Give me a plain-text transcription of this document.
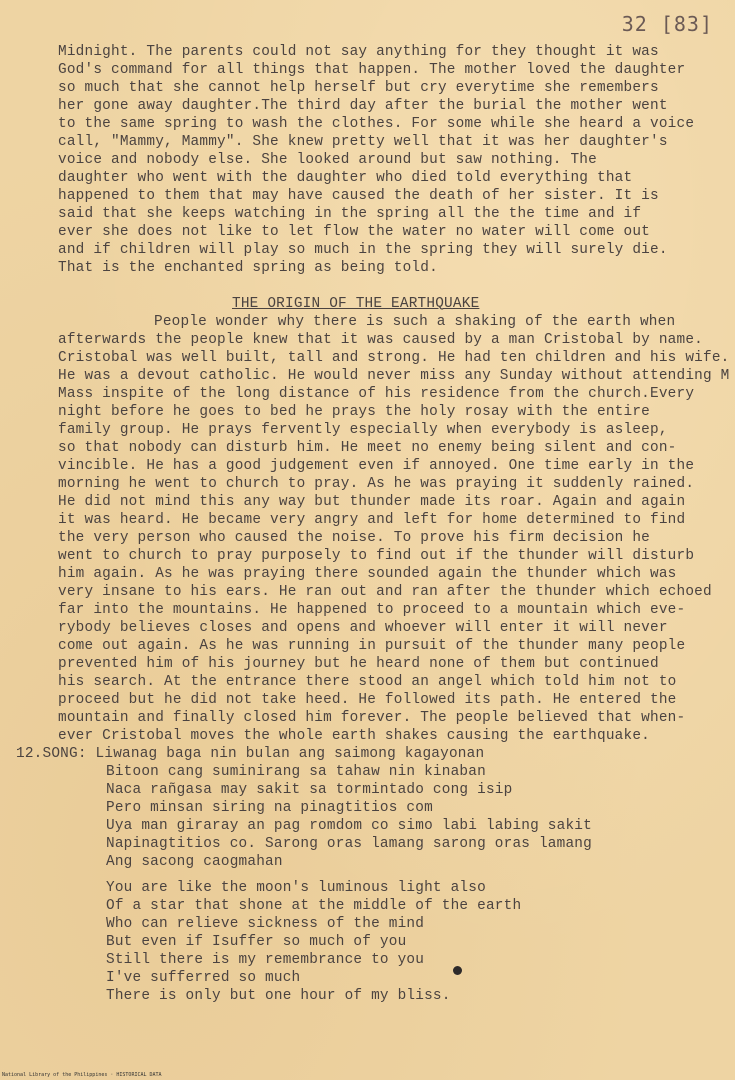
32 [83]
Midnight. The parents could not say anything for they thought it was
God's command for all things that happen. The mother loved the daughter
so much that she cannot help herself but cry everytime she remembers
her gone away daughter.The third day after the burial the mother went
to the same spring to wash the clothes. For some while she heard a voice
call, "Mammy, Mammy". She knew pretty well that it was her daughter's
voice and nobody else. She looked around but saw nothing. The
daughter who went with the daughter who died told everything that
happened to them that may have caused the death of her sister. It is
said that she keeps watching in the spring all the the time and if
ever she does not like to let flow the water no water will come out
and if children will play so much in the spring they will surely die.
That is the enchanted spring as being told.
THE ORIGIN OF THE EARTHQUAKE
People wonder why there is such a shaking of the earth when
afterwards the people knew that it was caused by a man Cristobal by name.
Cristobal was well built, tall and strong. He had ten children and his wife.
He was a devout catholic. He would never miss any Sunday without attending M
Mass inspite of the long distance of his residence from the church.Every
night before he goes to bed he prays the holy rosay with the entire
family group. He prays fervently especially when everybody is asleep,
so that nobody can disturb him. He meet no enemy being silent and con-
vincible. He has a good judgement even if annoyed. One time early in the
morning he went to church to pray. As he was praying it suddenly rained.
He did not mind this any way but thunder made its roar. Again and again
it was heard. He became very angry and left for home determined to find
the very person who caused the noise. To prove his firm decision he
went to church to pray purposely to find out if the thunder will disturb
him again. As he was praying there sounded again the thunder which was
very insane to his ears. He ran out and ran after the thunder which echoed
far into the mountains. He happened to proceed to a mountain which eve-
rybody believes closes and opens and whoever will enter it will never
come out again. As he was running in pursuit of the thunder many people
prevented him of his journey but he heard none of them but continued
his search. At the entrance there stood an angel which told him not to
proceed but he did not take heed. He followed its path. He entered the
mountain and finally closed him forever. The people believed that when-
ever Cristobal moves the whole earth shakes causing the earthquake.
12.SONG: Liwanag baga nin bulan ang saimong kagayonan
Bitoon cang suminirang sa tahaw nin kinaban
Naca rañgasa may sakit sa tormintado cong isip
Pero minsan siring na pinagtitios com
Uya man giraray an pag romdom co simo labi labing sakit
Napinagtitios co. Sarong oras lamang sarong oras lamang
Ang sacong caogmahan
You are like the moon's luminous light also
Of a star that shone at the middle of the earth
Who can relieve sickness of the mind
But even if Isuffer so much of you
Still there is my remembrance to you
I've sufferred so much
There is only but one hour of my bliss.
National Library of the Philippines · HISTORICAL DATA
